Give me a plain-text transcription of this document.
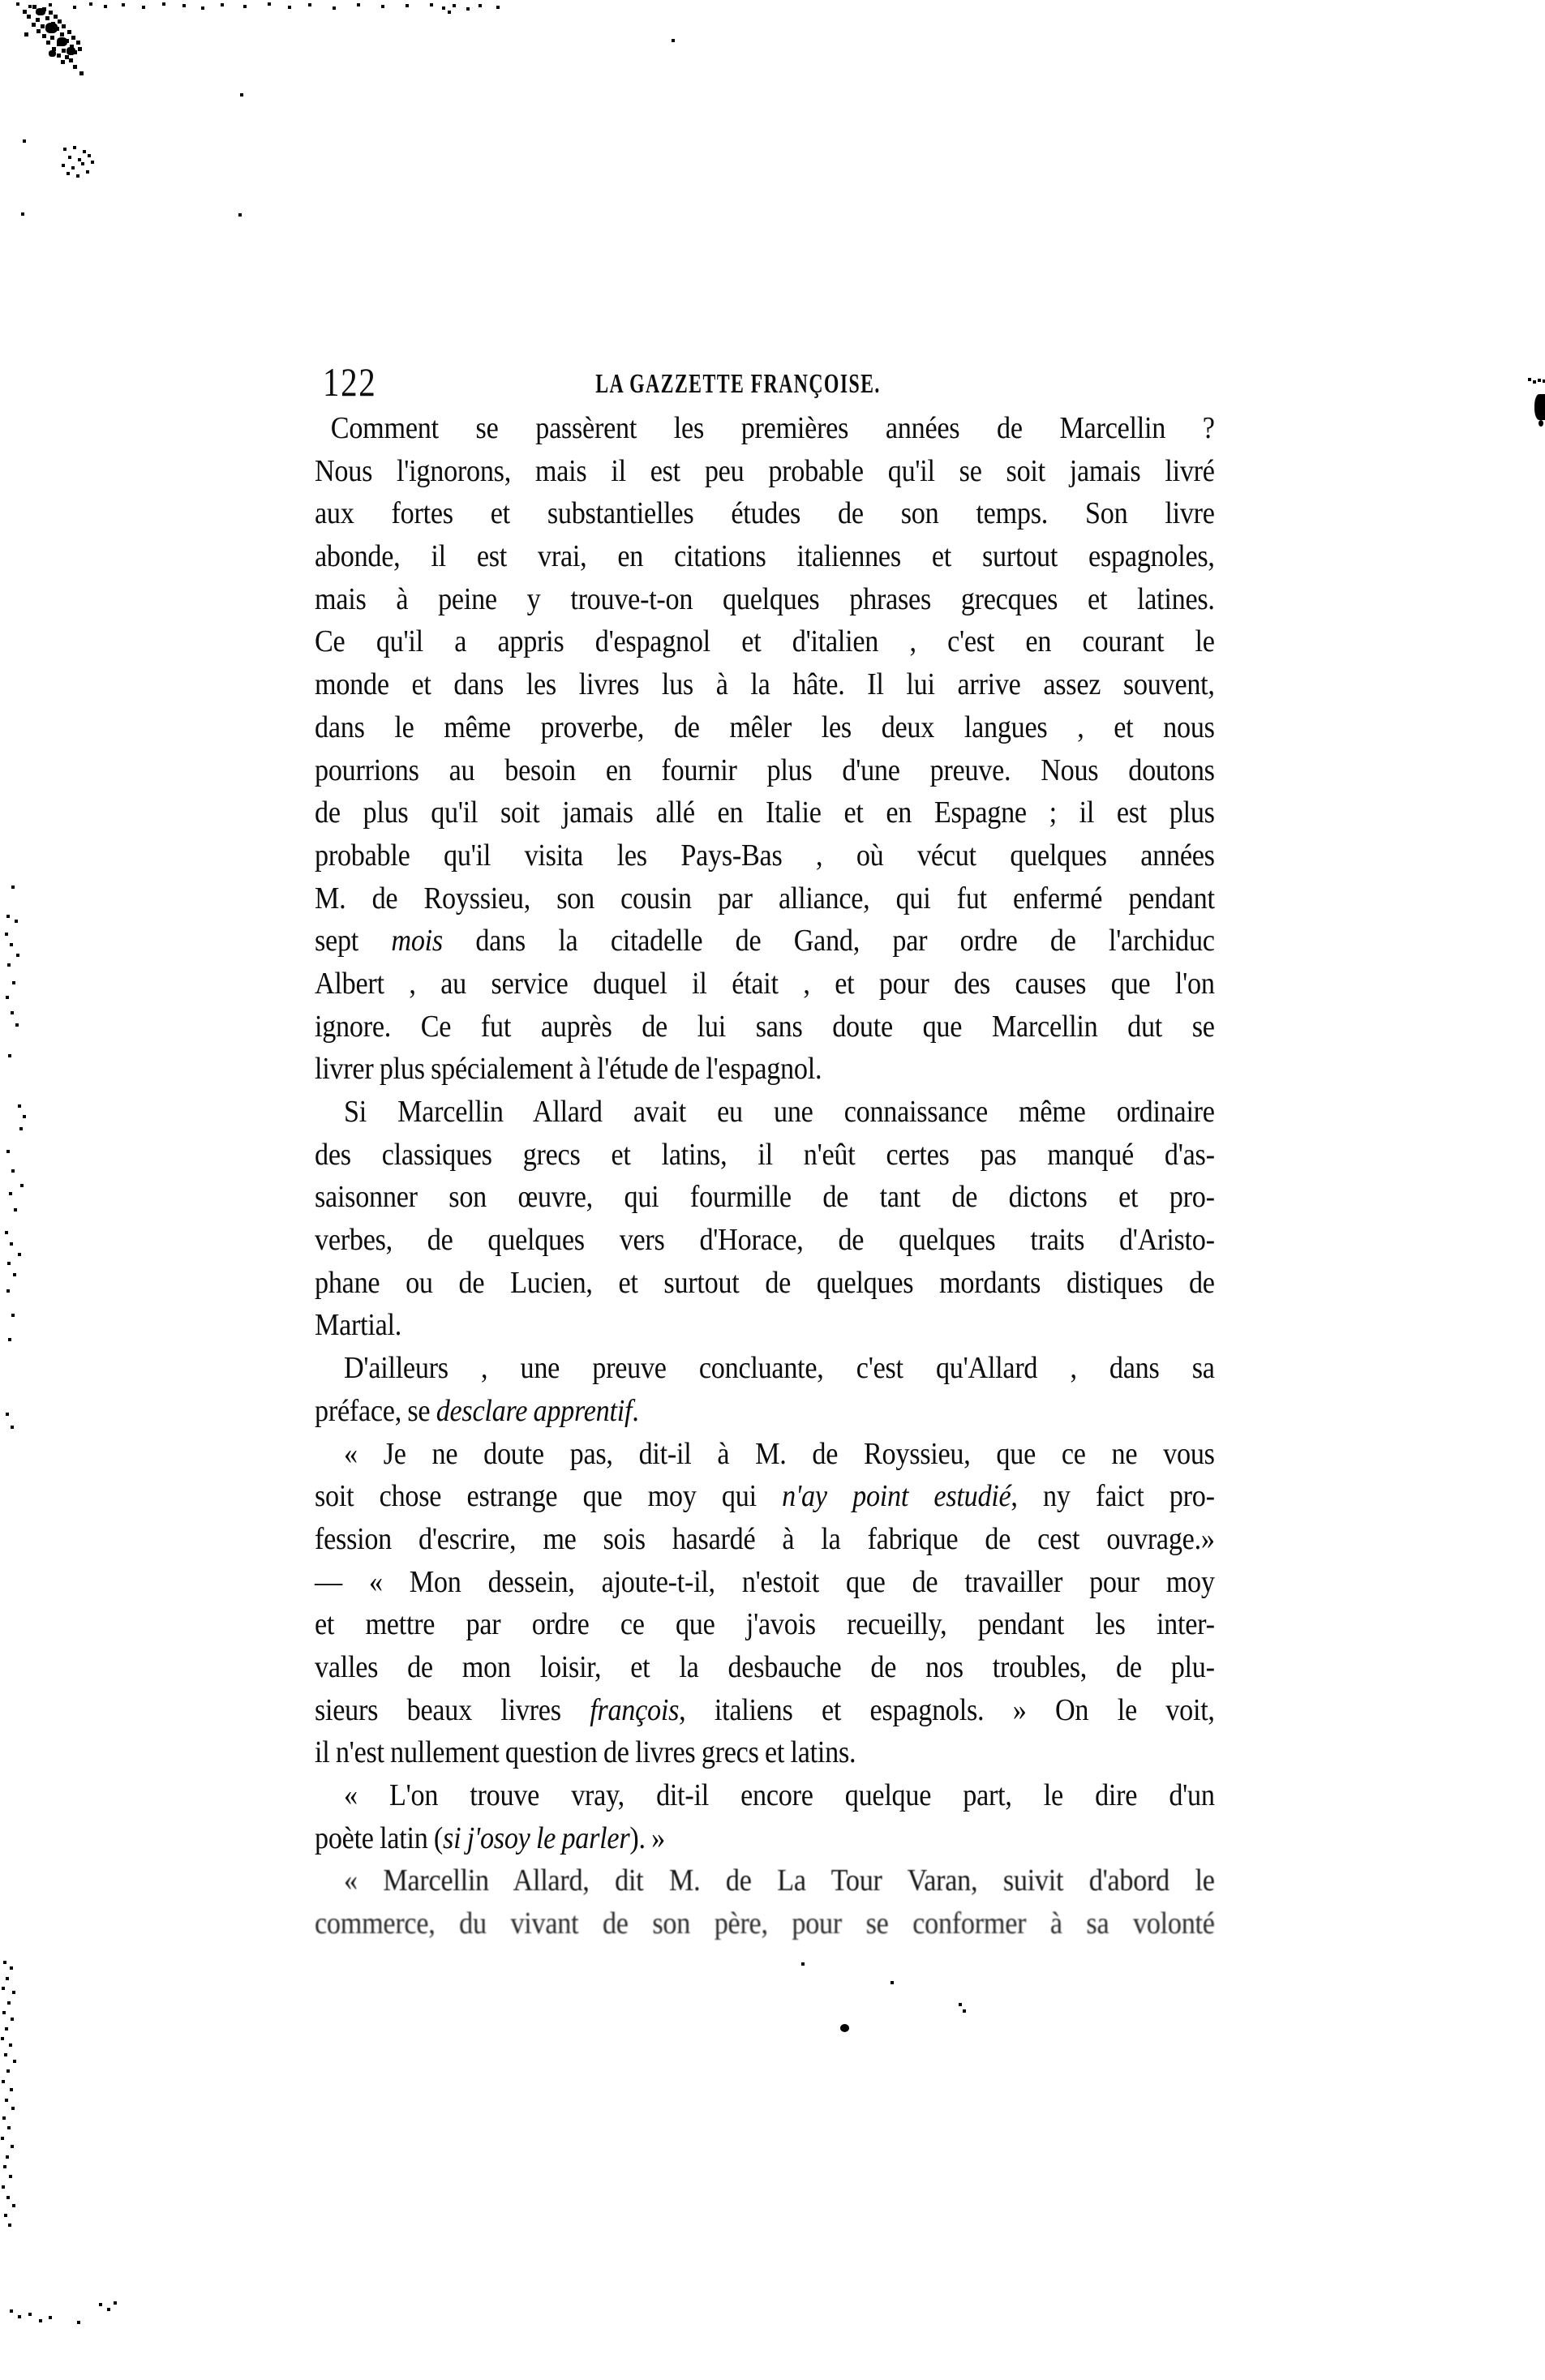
122	LA GAZZETTE FRANÇOISE.
Comment se passèrent les premières années de Marcellin ?
Nous l'ignorons, mais il est peu probable qu'il se soit jamais livré
aux fortes et substantielles études de son temps. Son livre
abonde, il est vrai, en citations italiennes et surtout espagnoles,
mais à peine y trouve-t-on quelques phrases grecques et latines.
Ce qu'il a appris d'espagnol et d'italien , c'est en courant le
monde et dans les livres lus à la hâte. Il lui arrive assez souvent,
dans le même proverbe, de mêler les deux langues , et nous
pourrions au besoin en fournir plus d'une preuve. Nous doutons
de plus qu'il soit jamais allé en Italie et en Espagne ; il est plus
probable qu'il visita les Pays-Bas , où vécut quelques années
M. de Royssieu, son cousin par alliance, qui fut enfermé pendant
sept mois dans la citadelle de Gand, par ordre de l'archiduc
Albert , au service duquel il était , et pour des causes que l'on
ignore. Ce fut auprès de lui sans doute que Marcellin dut se
livrer plus spécialement à l'étude de l'espagnol.
Si Marcellin Allard avait eu une connaissance même ordinaire
des classiques grecs et latins, il n'eût certes pas manqué d'as-
saisonner son œuvre, qui fourmille de tant de dictons et pro-
verbes, de quelques vers d'Horace, de quelques traits d'Aristo-
phane ou de Lucien, et surtout de quelques mordants distiques de
Martial.
D'ailleurs , une preuve concluante, c'est qu'Allard , dans sa
préface, se desclare apprentif.
« Je ne doute pas, dit-il à M. de Royssieu, que ce ne vous
soit chose estrange que moy qui n'ay point estudié, ny faict pro-
fession d'escrire, me sois hasardé à la fabrique de cest ouvrage.»
— « Mon dessein, ajoute-t-il, n'estoit que de travailler pour moy
et mettre par ordre ce que j'avois recueilly, pendant les inter-
valles de mon loisir, et la desbauche de nos troubles, de plu-
sieurs beaux livres françois, italiens et espagnols. » On le voit,
il n'est nullement question de livres grecs et latins.
« L'on trouve vray, dit-il encore quelque part, le dire d'un
poète latin (si j'osoy le parler). »
« Marcellin Allard, dit M. de La Tour Varan, suivit d'abord le
commerce, du vivant de son père, pour se conformer à sa volonté
